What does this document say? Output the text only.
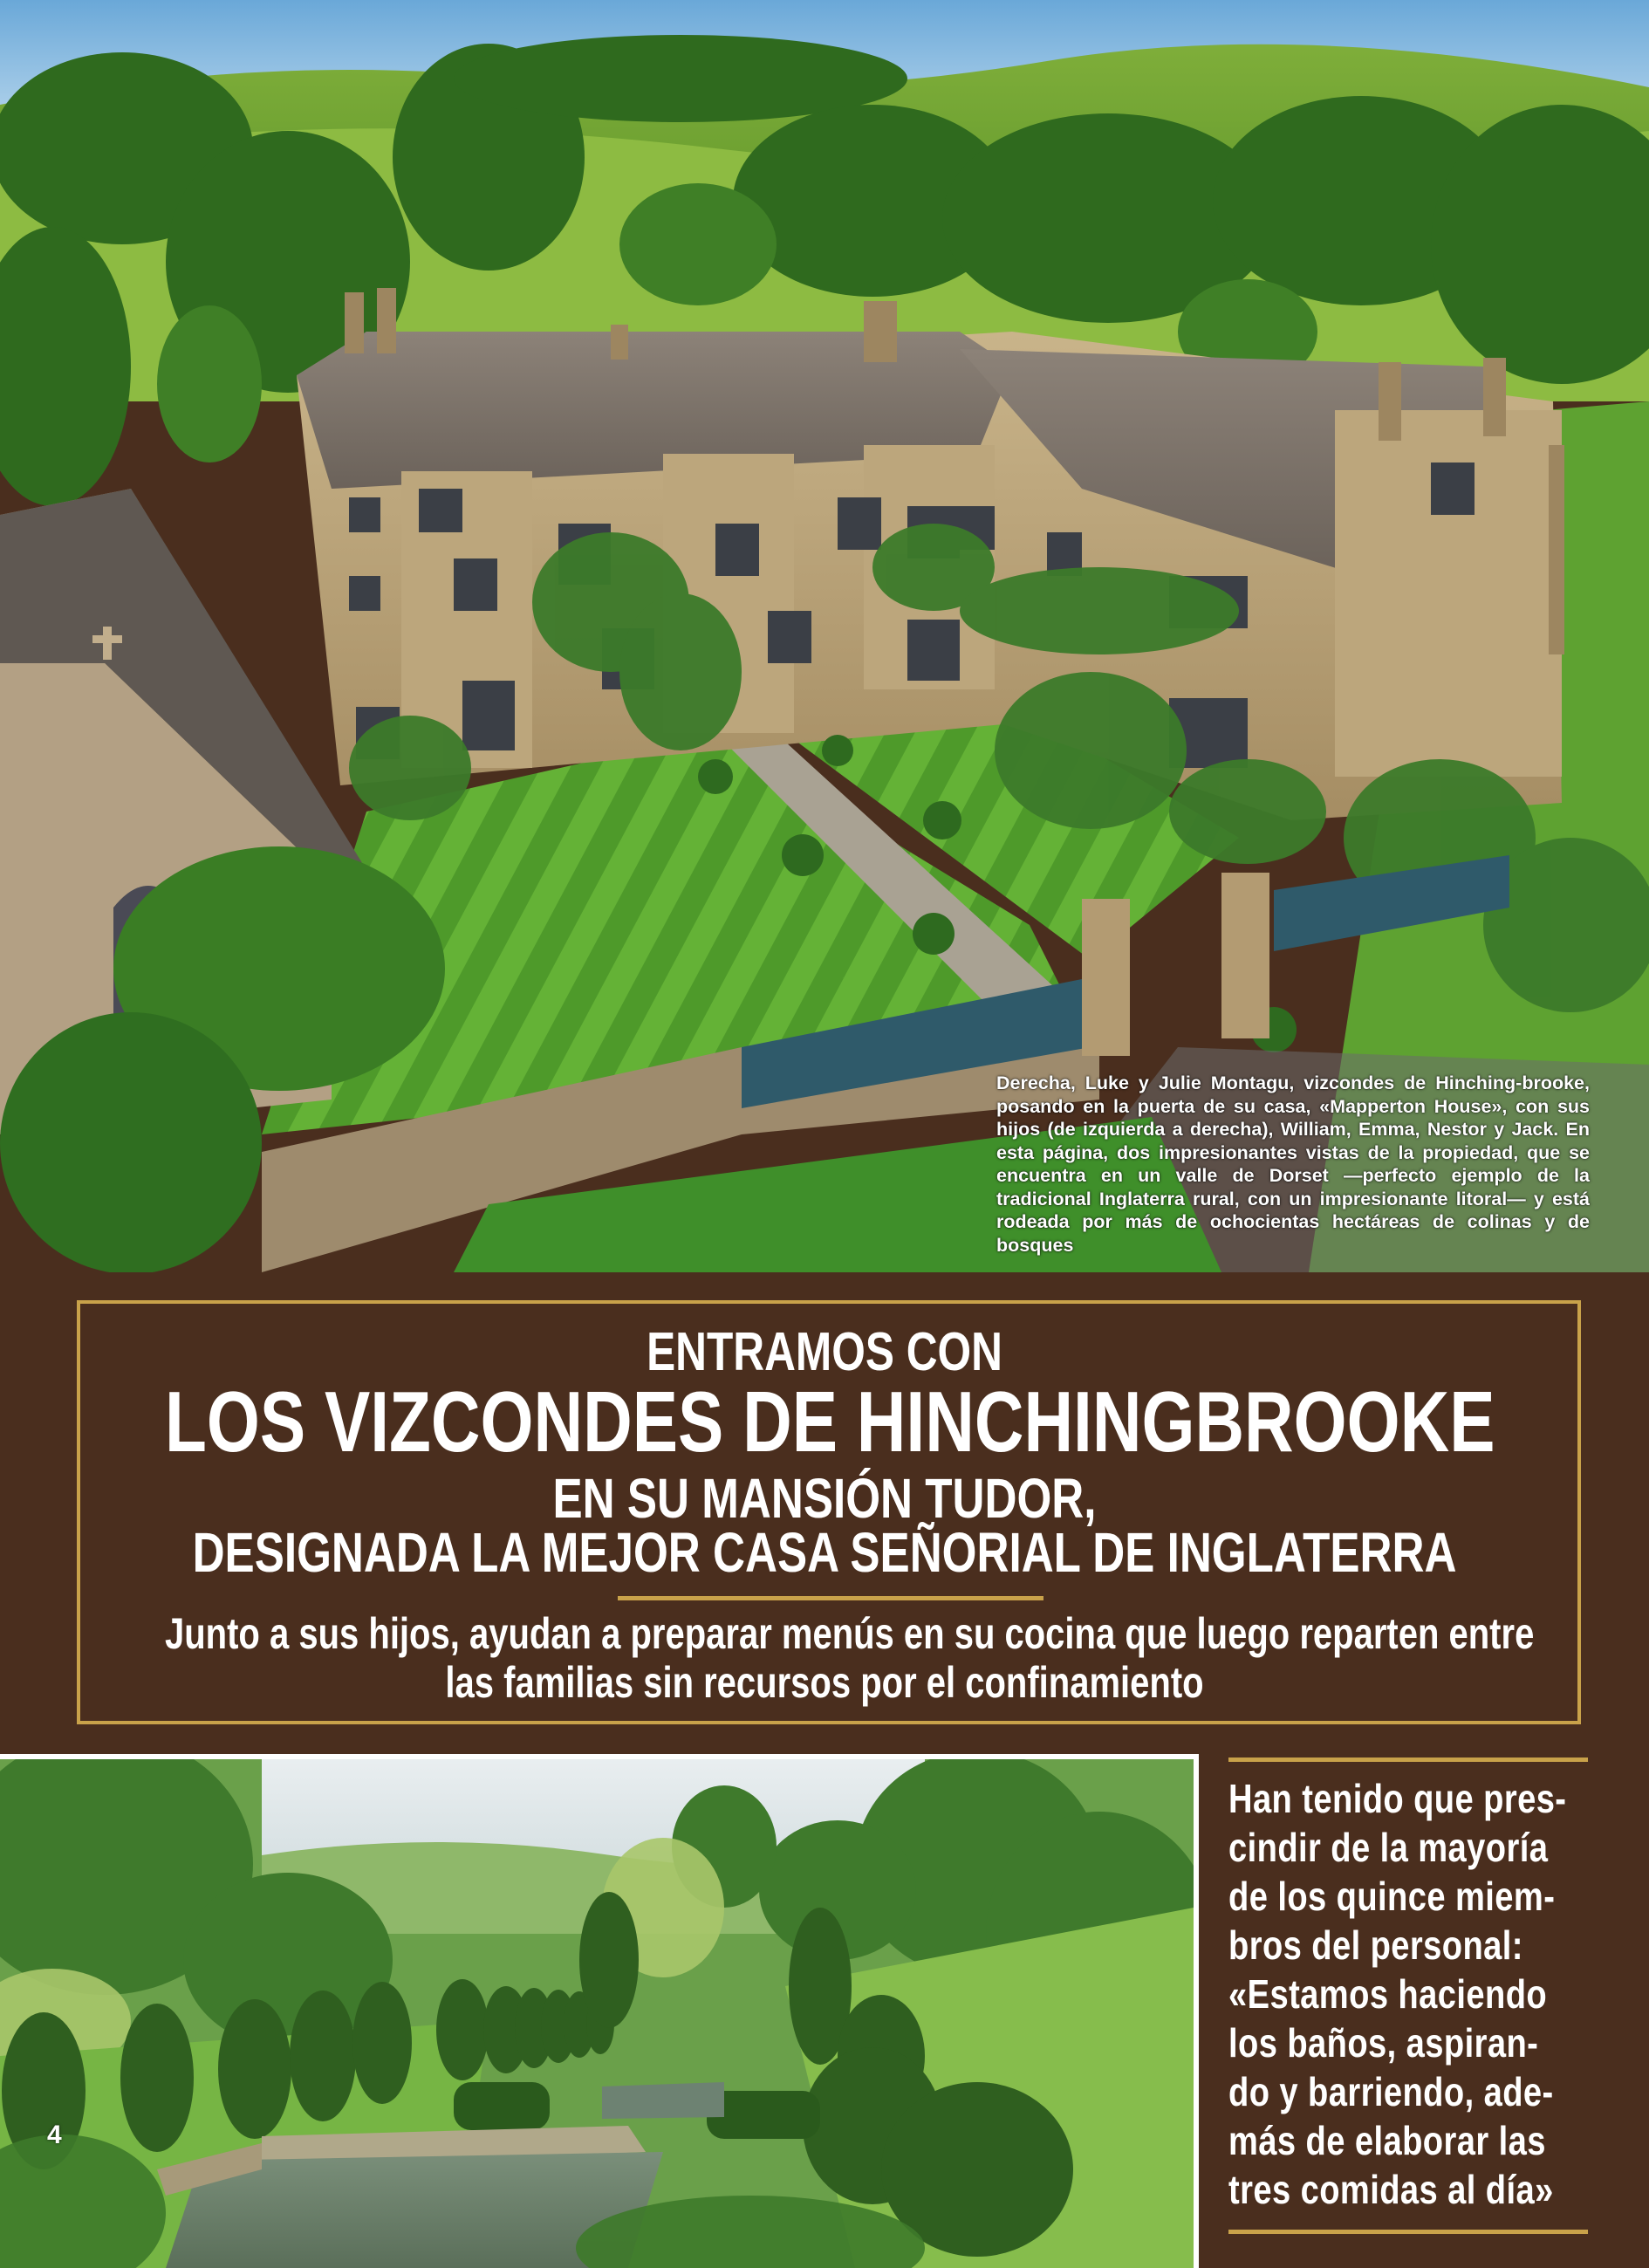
Derecha, Luke y Julie Montagu, vizcondes de Hinching-brooke, posando en la puerta de su casa, «Mapperton House», con sus hijos (de izquierda a derecha), William, Emma, Nestor y Jack. En esta página, dos impresionantes vistas de la propiedad, que se encuentra en un valle de Dorset —perfecto ejemplo de la tradicional Inglaterra rural, con un impresionante litoral— y está rodeada por más de ochocientas hectáreas de colinas y de bosques
ENTRAMOS CON
LOS VIZCONDES DE HINCHINGBROOKE
EN SU MANSIÓN TUDOR,
DESIGNADA LA MEJOR CASA SEÑORIAL DE INGLATERRA
Junto a sus hijos, ayudan a preparar menús en su cocina que luego reparten entre
las familias sin recursos por el confinamiento
4

Han tenido que pres-

cindir de la mayoría

de los quince miem-

bros del personal:

«Estamos haciendo

los baños, aspiran-

do y barriendo, ade-

más de elaborar las

tres comidas al día»
